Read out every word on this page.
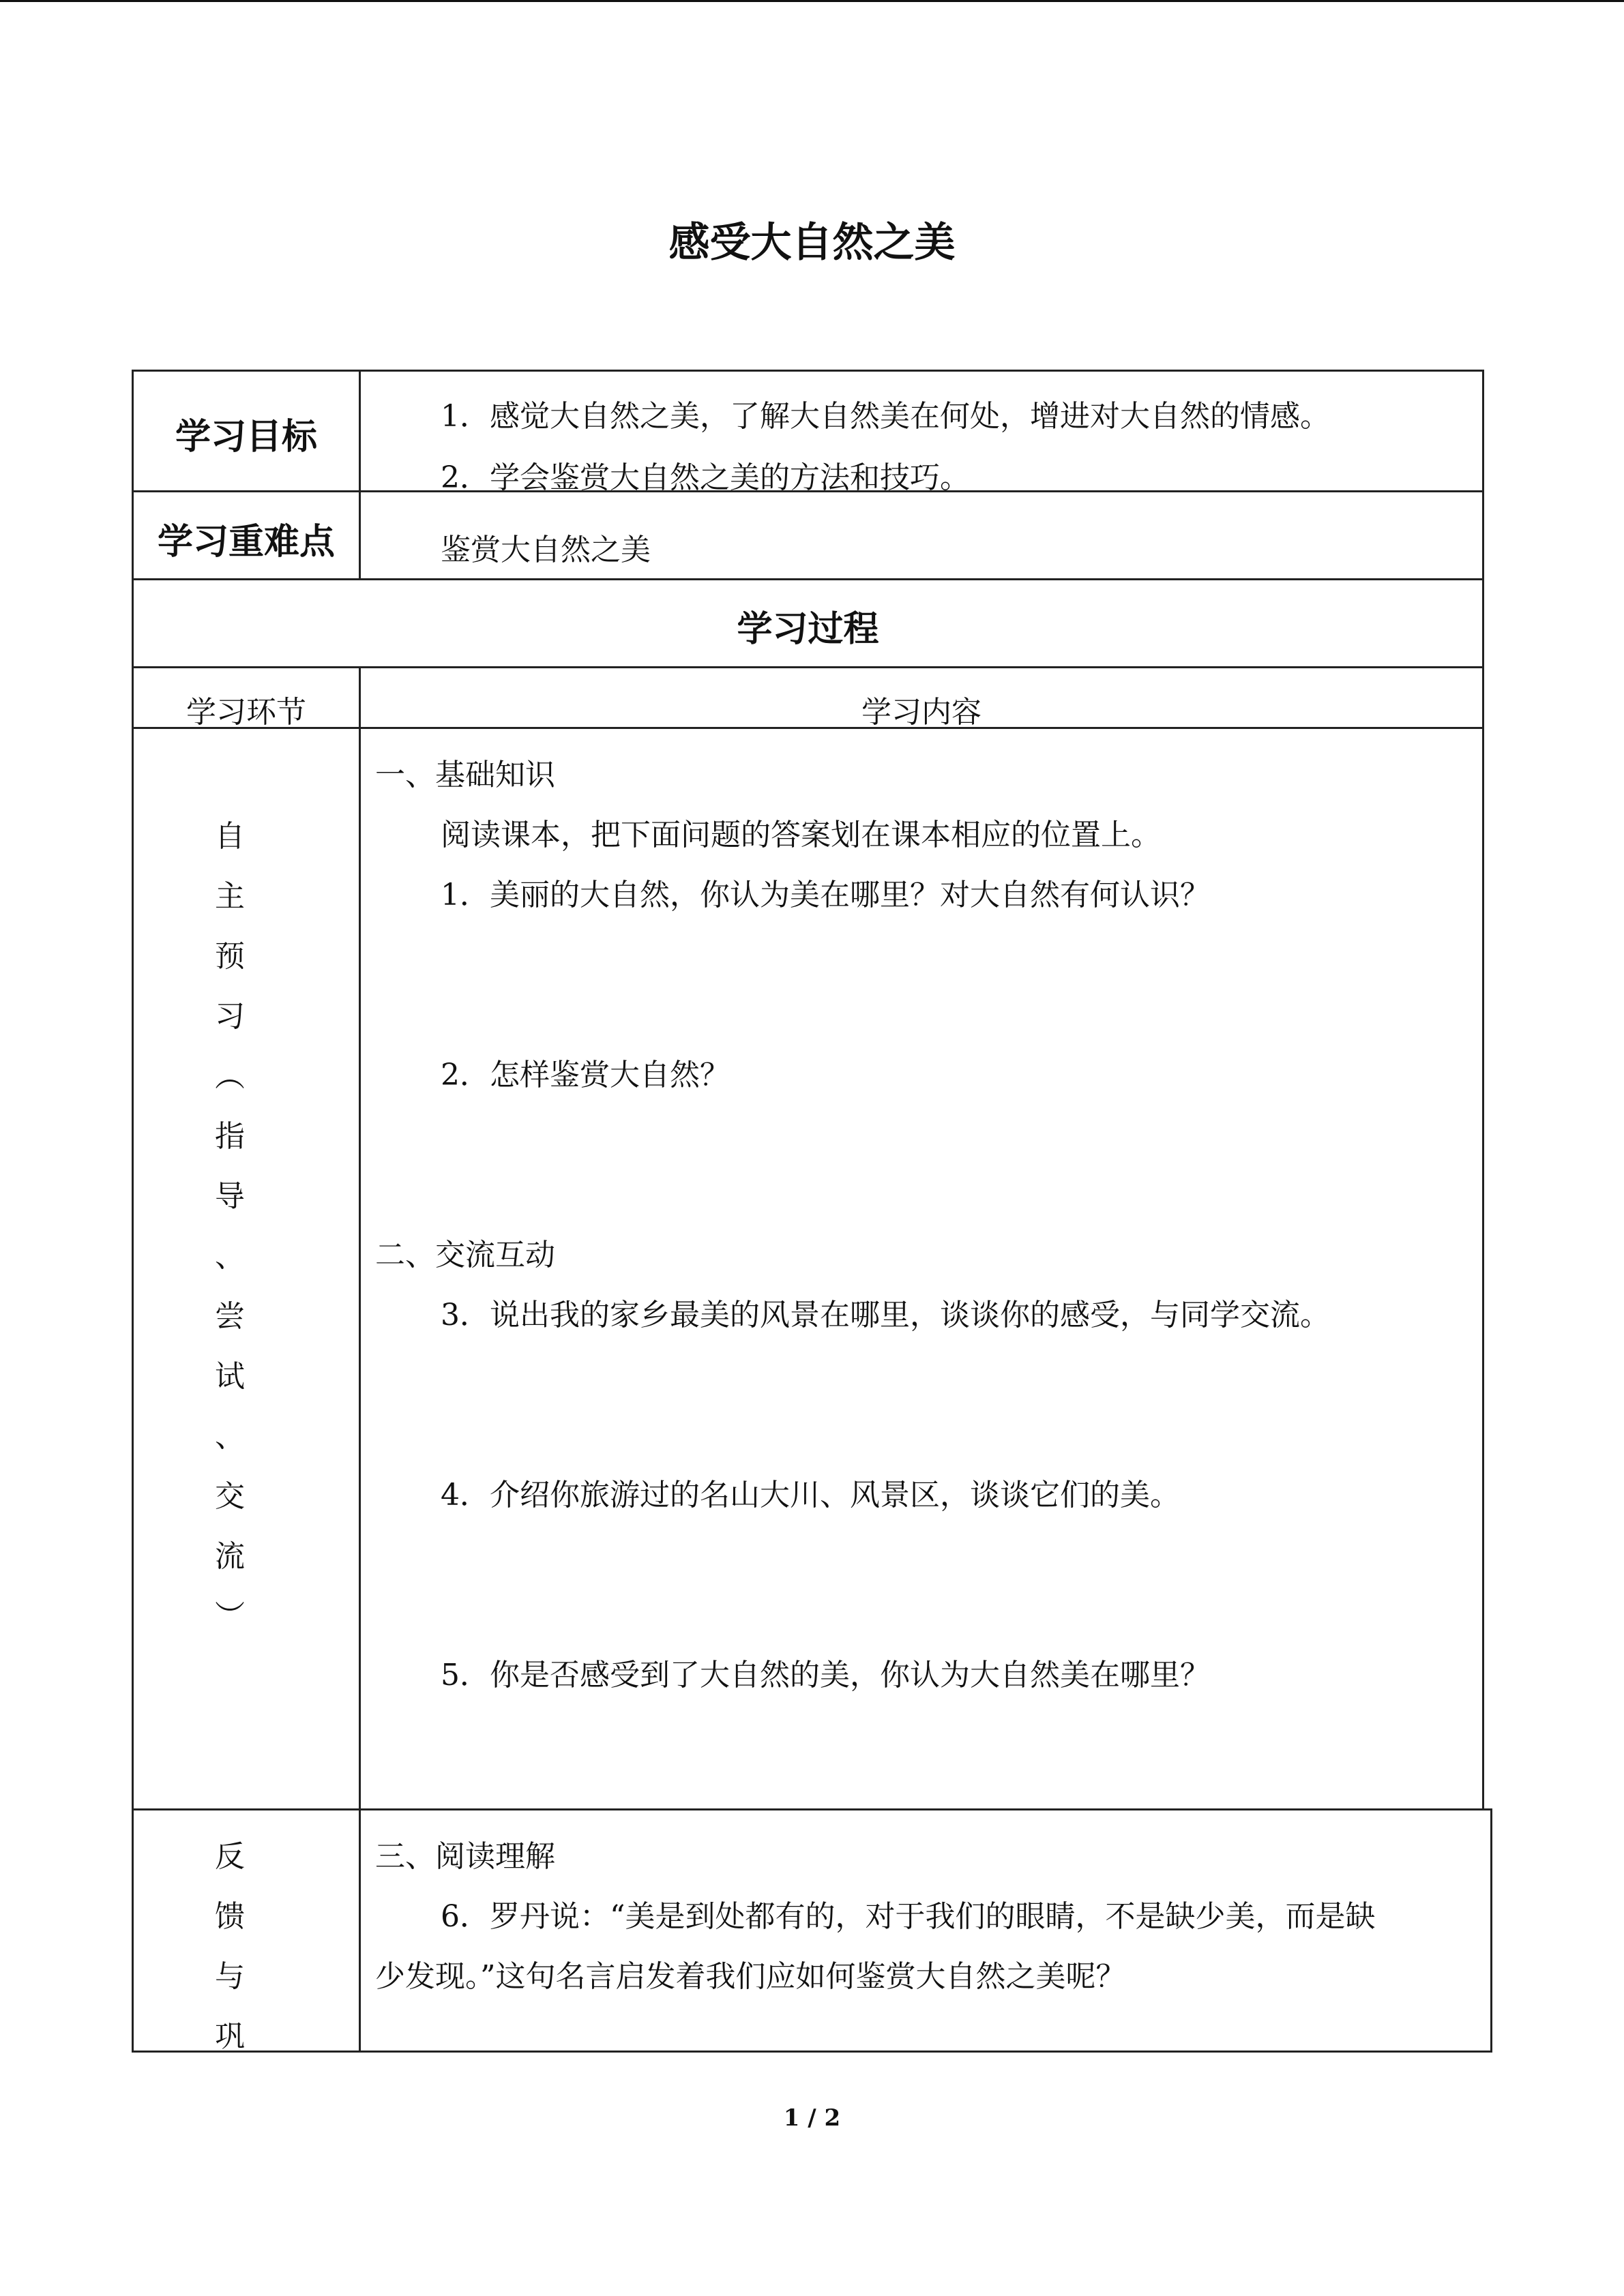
感受大自然之美
学习目标
1．感觉大自然之美，了解大自然美在何处，增进对大自然的情感。
2．学会鉴赏大自然之美的方法和技巧。
学习重难点	鉴赏大自然之美
学习过程
学习环节	学习内容
自
主
预
习
︵
指
导
、
尝
试
、
交
流
︶
一、基础知识
阅读课本，把下面问题的答案划在课本相应的位置上。
1．美丽的大自然，你认为美在哪里？对大自然有何认识？
2．怎样鉴赏大自然？
二、交流互动
3．说出我的家乡最美的风景在哪里，谈谈你的感受，与同学交流。
4．介绍你旅游过的名山大川、风景区，谈谈它们的美。
5．你是否感受到了大自然的美，你认为大自然美在哪里？
反
馈
与
巩
三、阅读理解
6．罗丹说：“美是到处都有的，对于我们的眼睛，不是缺少美，而是缺
少发现。”这句名言启发着我们应如何鉴赏大自然之美呢？
1 / 2
